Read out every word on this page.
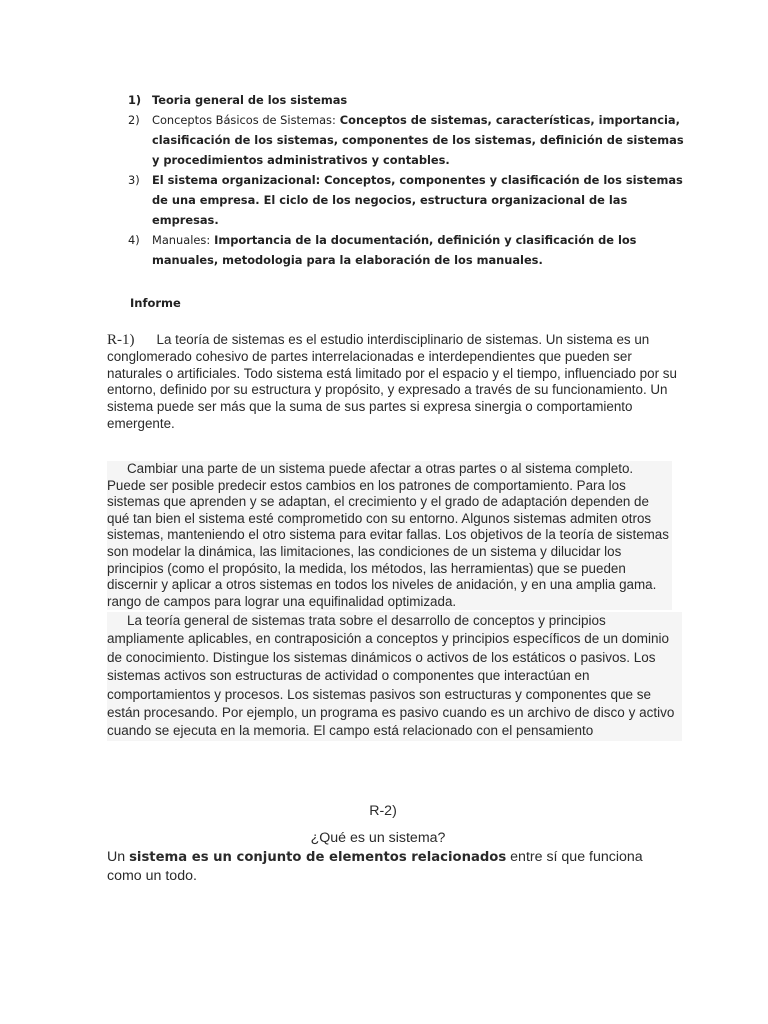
1) Teoria general de los sistemas
2) Conceptos Básicos de Sistemas: Conceptos de sistemas, características, importancia, clasificación de los sistemas, componentes de los sistemas, definición de sistemas y procedimientos administrativos y contables.
3) El sistema organizacional: Conceptos, componentes y clasificación de los sistemas de una empresa. El ciclo de los negocios, estructura organizacional de las empresas.
4) Manuales: Importancia de la documentación, definición y clasificación de los manuales, metodologia para la elaboración de los manuales.
Informe
R-1) La teoría de sistemas es el estudio interdisciplinario de sistemas. Un sistema es un conglomerado cohesivo de partes interrelacionadas e interdependientes que pueden ser naturales o artificiales. Todo sistema está limitado por el espacio y el tiempo, influenciado por su entorno, definido por su estructura y propósito, y expresado a través de su funcionamiento. Un sistema puede ser más que la suma de sus partes si expresa sinergia o comportamiento emergente.
Cambiar una parte de un sistema puede afectar a otras partes o al sistema completo. Puede ser posible predecir estos cambios en los patrones de comportamiento. Para los sistemas que aprenden y se adaptan, el crecimiento y el grado de adaptación dependen de qué tan bien el sistema esté comprometido con su entorno. Algunos sistemas admiten otros sistemas, manteniendo el otro sistema para evitar fallas. Los objetivos de la teoría de sistemas son modelar la dinámica, las limitaciones, las condiciones de un sistema y dilucidar los principios (como el propósito, la medida, los métodos, las herramientas) que se pueden discernir y aplicar a otros sistemas en todos los niveles de anidación, y en una amplia gama. rango de campos para lograr una equifinalidad optimizada.
La teoría general de sistemas trata sobre el desarrollo de conceptos y principios ampliamente aplicables, en contraposición a conceptos y principios específicos de un dominio de conocimiento. Distingue los sistemas dinámicos o activos de los estáticos o pasivos. Los sistemas activos son estructuras de actividad o componentes que interactúan en comportamientos y procesos. Los sistemas pasivos son estructuras y componentes que se están procesando. Por ejemplo, un programa es pasivo cuando es un archivo de disco y activo cuando se ejecuta en la memoria. El campo está relacionado con el pensamiento
R-2)
¿Qué es un sistema?
Un sistema es un conjunto de elementos relacionados entre sí que funciona como un todo.
